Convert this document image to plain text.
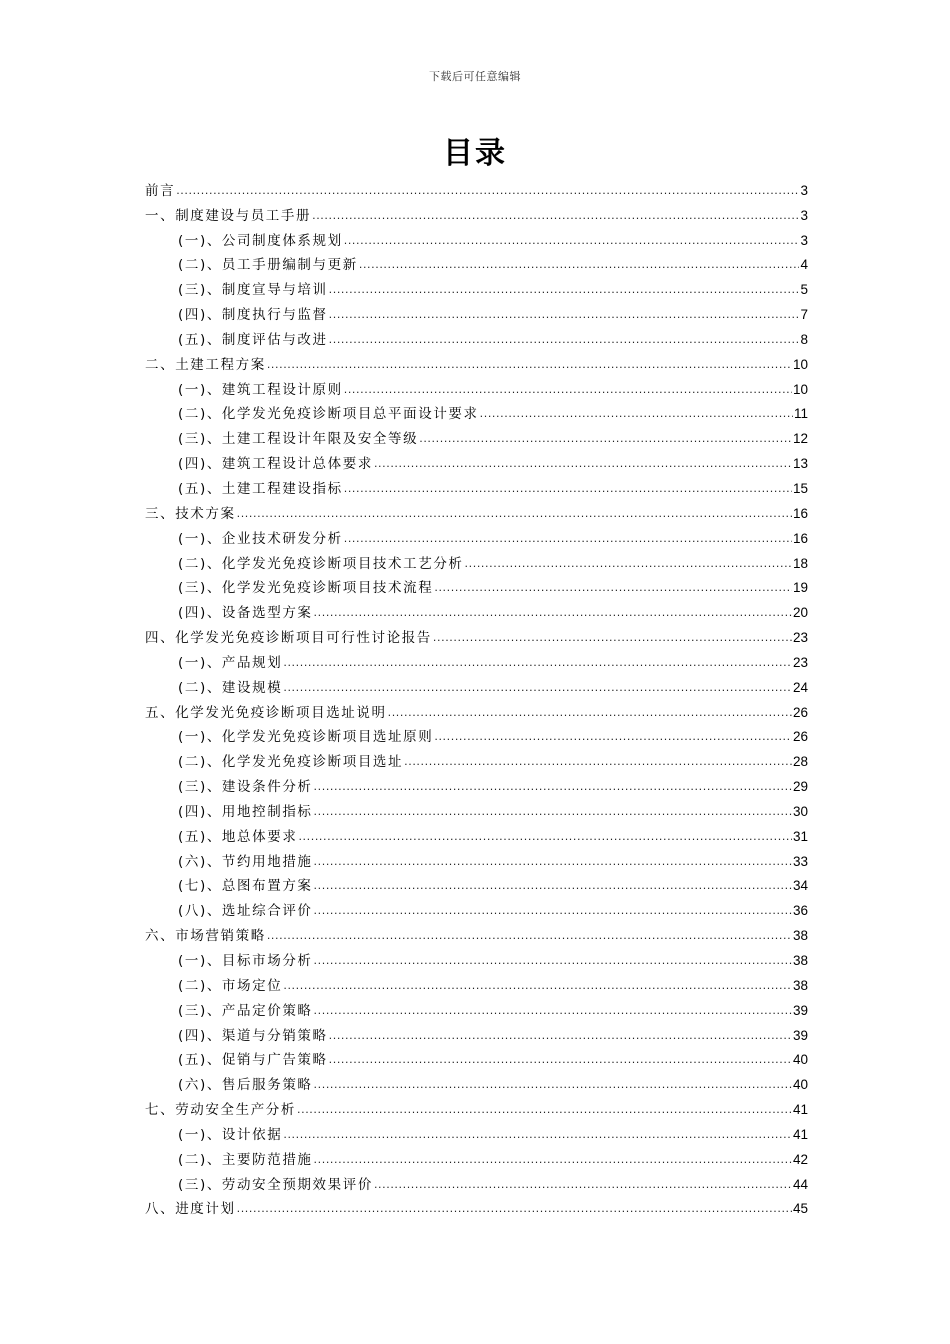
下载后可任意编辑
目录
前言 .....	3
一、制度建设与员工手册 .....	3
(一)、公司制度体系规划 .....	3
(二)、员工手册编制与更新 .....	4
(三)、制度宣导与培训 .....	5
(四)、制度执行与监督 .....	7
(五)、制度评估与改进 .....	8
二、土建工程方案 .....	10
(一)、建筑工程设计原则 .....	10
(二)、化学发光免疫诊断项目总平面设计要求 .....	11
(三)、土建工程设计年限及安全等级 .....	12
(四)、建筑工程设计总体要求 .....	13
(五)、土建工程建设指标 .....	15
三、技术方案 .....	16
(一)、企业技术研发分析 .....	16
(二)、化学发光免疫诊断项目技术工艺分析 .....	18
(三)、化学发光免疫诊断项目技术流程 .....	19
(四)、设备选型方案 .....	20
四、化学发光免疫诊断项目可行性讨论报告 .....	23
(一)、产品规划 .....	23
(二)、建设规模 .....	24
五、化学发光免疫诊断项目选址说明 .....	26
(一)、化学发光免疫诊断项目选址原则 .....	26
(二)、化学发光免疫诊断项目选址 .....	28
(三)、建设条件分析 .....	29
(四)、用地控制指标 .....	30
(五)、地总体要求 .....	31
(六)、节约用地措施 .....	33
(七)、总图布置方案 .....	34
(八)、选址综合评价 .....	36
六、市场营销策略 .....	38
(一)、目标市场分析 .....	38
(二)、市场定位 .....	38
(三)、产品定价策略 .....	39
(四)、渠道与分销策略 .....	39
(五)、促销与广告策略 .....	40
(六)、售后服务策略 .....	40
七、劳动安全生产分析 .....	41
(一)、设计依据 .....	41
(二)、主要防范措施 .....	42
(三)、劳动安全预期效果评价 .....	44
八、进度计划 .....	45
